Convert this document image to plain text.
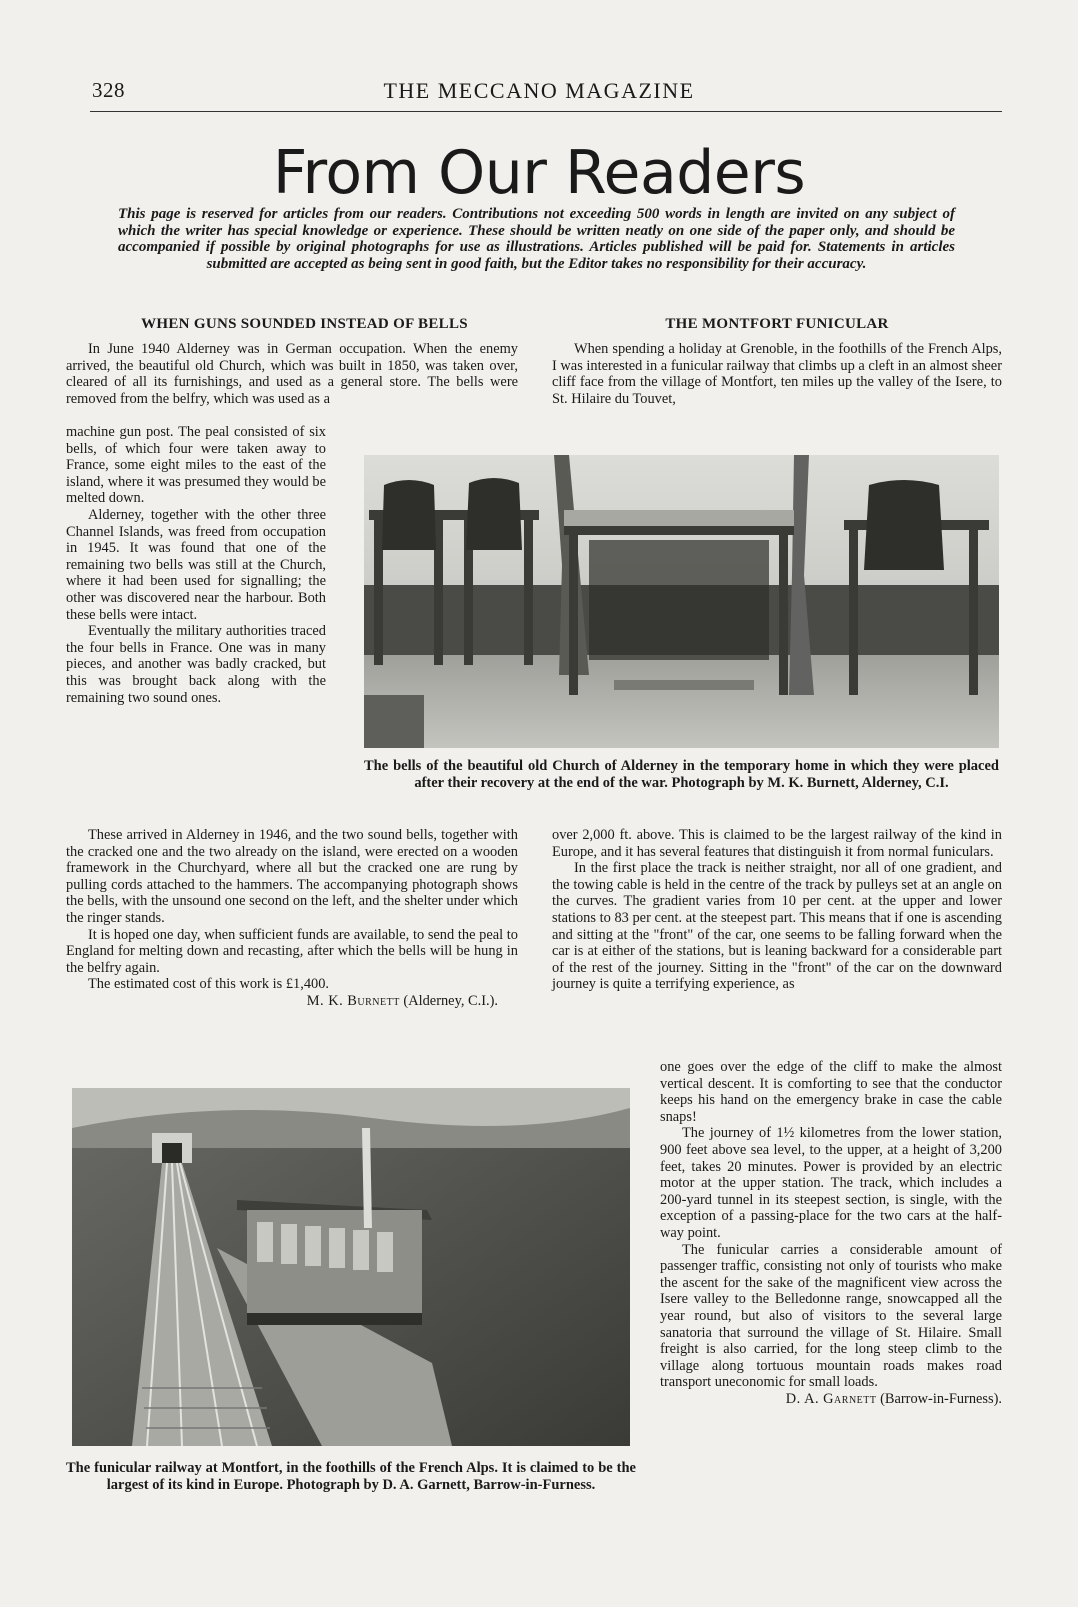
328	THE MECCANO MAGAZINE
From Our Readers
This page is reserved for articles from our readers. Contributions not exceeding 500 words in length are invited on any subject of which the writer has special knowledge or experience. These should be written neatly on one side of the paper only, and should be accompanied if possible by original photographs for use as illustrations. Articles published will be paid for. Statements in articles submitted are accepted as being sent in good faith, but the Editor takes no responsibility for their accuracy.
WHEN GUNS SOUNDED INSTEAD OF BELLS

In June 1940 Alderney was in German occupation. When the enemy arrived, the beautiful old Church, which was built in 1850, was taken over, cleared of all its furnishings, and used as a general store. The bells were removed from the belfry, which was used as a

machine gun post. The peal consisted of six bells, of which four were taken away to France, some eight miles to the east of the island, where it was presumed they would be melted down.

Alderney, together with the other three Channel Islands, was freed from occupation in 1945. It was found that one of the remaining two bells was still at the Church, where it had been used for signalling; the other was discovered near the harbour. Both these bells were intact.

Eventually the military authorities traced the four bells in France. One was in many pieces, and another was badly cracked, but this was brought back along with the remaining two sound ones.

These arrived in Alderney in 1946, and the two sound bells, together with the cracked one and the two already on the island, were erected on a wooden framework in the Churchyard, where all but the cracked one are rung by pulling cords attached to the hammers. The accompanying photograph shows the bells, with the unsound one second on the left, and the shelter under which the ringer stands.

It is hoped one day, when sufficient funds are available, to send the peal to England for melting down and recasting, after which the bells will be hung in the belfry again.

The estimated cost of this work is £1,400.

M. K. Burnett (Alderney, C.I.).

The bells of the beautiful old Church of Alderney in the temporary home in which they were placed after their recovery at the end of the war. Photograph by M. K. Burnett, Alderney, C.I.
THE MONTFORT FUNICULAR

When spending a holiday at Grenoble, in the foothills of the French Alps, I was interested in a funicular railway that climbs up a cleft in an almost sheer cliff face from the village of Montfort, ten miles up the valley of the Isere, to St. Hilaire du Touvet,

over 2,000 ft. above. This is claimed to be the largest railway of the kind in Europe, and it has several features that distinguish it from normal funiculars.

In the first place the track is neither straight, nor all of one gradient, and the towing cable is held in the centre of the track by pulleys set at an angle on the curves. The gradient varies from 10 per cent. at the upper and lower stations to 83 per cent. at the steepest part. This means that if one is ascending and sitting at the "front" of the car, one seems to be falling forward when the car is at either of the stations, but is leaning backward for a considerable part of the rest of the journey. Sitting in the "front" of the car on the downward journey is quite a terrifying experience, as

one goes over the edge of the cliff to make the almost vertical descent. It is comforting to see that the conductor keeps his hand on the emergency brake in case the cable snaps!

The journey of 1½ kilometres from the lower station, 900 feet above sea level, to the upper, at a height of 3,200 feet, takes 20 minutes. Power is provided by an electric motor at the upper station. The track, which includes a 200-yard tunnel in its steepest section, is single, with the exception of a passing-place for the two cars at the half-way point.

The funicular carries a considerable amount of passenger traffic, consisting not only of tourists who make the ascent for the sake of the magnificent view across the Isere valley to the Belledonne range, snowcapped all the year round, but also of visitors to the several large sanatoria that surround the village of St. Hilaire. Small freight is also carried, for the long steep climb to the village along tortuous mountain roads makes road transport uneconomic for small loads.

D. A. Garnett (Barrow-in-Furness).

The funicular railway at Montfort, in the foothills of the French Alps. It is claimed to be the largest of its kind in Europe. Photograph by D. A. Garnett, Barrow-in-Furness.
